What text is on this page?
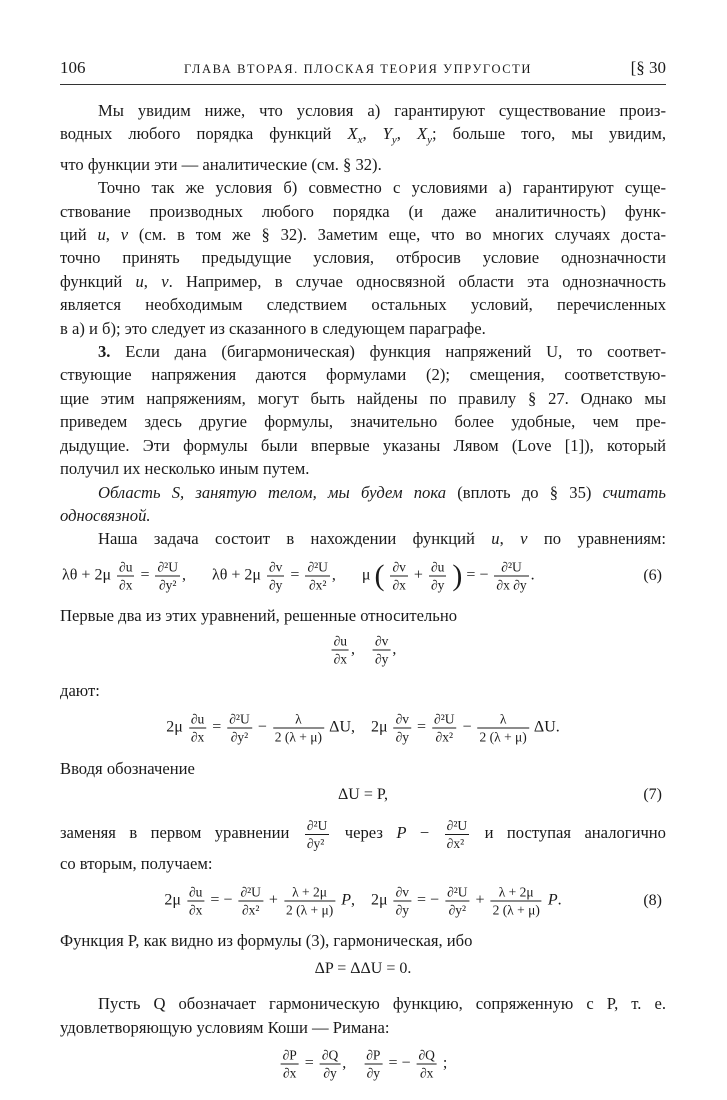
106	ГЛАВА ВТОРАЯ. ПЛОСКАЯ ТЕОРИЯ УПРУГОСТИ	[§ 30
Мы увидим ниже, что условия а) гарантируют существование произ-
водных любого порядка функций $X_x$, $Y_y$, $X_y$; больше того, мы увидим,
что функции эти — аналитические (см. § 32).
Точно так же условия б) совместно с условиями а) гарантируют суще-
ствование производных любого порядка (и даже аналитичность) функ-
ций u, v (см. в том же § 32). Заметим еще, что во многих случаях доста-
точно принять предыдущие условия, отбросив условие однозначности
функций u, v. Например, в случае односвязной области эта однозначность
является необходимым следствием остальных условий, перечисленных
в а) и б); это следует из сказанного в следующем параграфе.
3. Если дана (бигармоническая) функция напряжений U, то соответ-
ствующие напряжения даются формулами (2); смещения, соответствую-
щие этим напряжениям, могут быть найдены по правилу § 27. Однако мы
приведем здесь другие формулы, значительно более удобные, чем пре-
дыдущие. Эти формулы были впервые указаны Лявом (Love [1]), который
получил их несколько иным путем.
Область S, занятую телом, мы будем пока (вплоть до § 35) считать
односвязной.
Наша задача состоит в нахождении функций u, v по уравнениям:
$\lambda\theta + 2\mu \frac{\partial u}{\partial x} = \frac{\text{∂²U}}{\text{∂y²}}$ , $\lambda\theta + 2\mu \frac{\partial v}{\partial y} = \frac{\text{∂²U}}{\text{∂x²}}$ , μ ( $\frac{\partial v}{\partial x} + \frac{\partial u}{\partial y}$ ) = − $\frac{\text{∂²U}}{\partial x \partial y}$ .	(6)
Первые два из этих уравнений, решенные относительно
$\frac{\partial u}{\partial x}$ , $\frac{\partial v}{\partial y}$ ,
дают:
$2\mu \frac{\partial u}{\partial x} = \frac{\text{∂²U}}{\text{∂y²}} - \frac{\lambda}{2 (\lambda + \mu)} \Delta U$, $2\mu \frac{\partial v}{\partial y} = \frac{\text{∂²U}}{\text{∂x²}} - \frac{\lambda}{2 (\lambda + \mu)} \Delta U$.
Вводя обозначение
ΔU = P,	(7)
заменяя в первом уравнении $\frac{\text{∂²U}}{\text{∂y²}}$ через $P - \frac{\text{∂²U}}{\text{∂x²}}$ и поступая аналогично
со вторым, получаем:
$2\mu \frac{\partial u}{\partial x}$ = − $\frac{\text{∂²U}}{\text{∂x²}} + \frac{\lambda + 2\mu}{2 (\lambda + \mu)} P$, $2\mu \frac{\partial v}{\partial y}$ = − $\frac{\text{∂²U}}{\text{∂y²}} + \frac{\lambda + 2\mu}{2 (\lambda + \mu)} P$.	(8)
Функция P, как видно из формулы (3), гармоническая, ибо
ΔP = ΔΔU = 0.
Пусть Q обозначает гармоническую функцию, сопряженную с P, т. е.
удовлетворяющую условиям Коши — Римана:
$\frac{\partial P}{\partial x} = \frac{\partial Q}{\partial y}$ , $\frac{\partial P}{\partial y}$ = − $\frac{\partial Q}{\partial x}$ ;
